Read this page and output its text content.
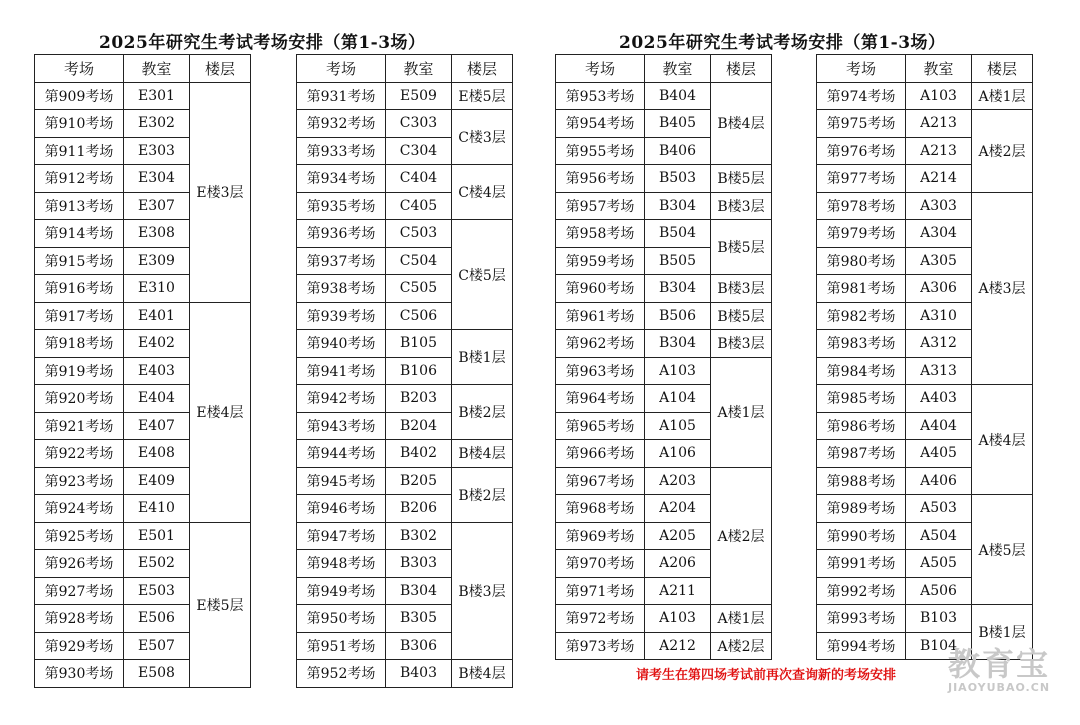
2025年研究生考试考场安排（第1-3场）	2025年研究生考试考场安排（第1-3场）
考场	教室	楼层
第909考场	E301	E楼3层
第910考场	E302	
第911考场	E303	
第912考场	E304	
第913考场	E307	
第914考场	E308	
第915考场	E309	
第916考场	E310	
第917考场	E401	E楼4层
第918考场	E402	
第919考场	E403	
第920考场	E404	
第921考场	E407	
第922考场	E408	
第923考场	E409	
第924考场	E410	
第925考场	E501	E楼5层
第926考场	E502	
第927考场	E503	
第928考场	E506	
第929考场	E507	
第930考场	E508	
考场	教室	楼层
第931考场	E509	E楼5层
第932考场	C303	C楼3层
第933考场	C304	
第934考场	C404	C楼4层
第935考场	C405	
第936考场	C503	C楼5层
第937考场	C504	
第938考场	C505	
第939考场	C506	
第940考场	B105	B楼1层
第941考场	B106	
第942考场	B203	B楼2层
第943考场	B204	
第944考场	B402	B楼4层
第945考场	B205	B楼2层
第946考场	B206	
第947考场	B302	B楼3层
第948考场	B303	
第949考场	B304	
第950考场	B305	
第951考场	B306	
第952考场	B403	B楼4层
考场	教室	楼层
第953考场	B404	B楼4层
第954考场	B405	
第955考场	B406	
第956考场	B503	B楼5层
第957考场	B304	B楼3层
第958考场	B504	B楼5层
第959考场	B505	
第960考场	B304	B楼3层
第961考场	B506	B楼5层
第962考场	B304	B楼3层
第963考场	A103	A楼1层
第964考场	A104	
第965考场	A105	
第966考场	A106	
第967考场	A203	A楼2层
第968考场	A204	
第969考场	A205	
第970考场	A206	
第971考场	A211	
第972考场	A103	A楼1层
第973考场	A212	A楼2层
考场	教室	楼层
第974考场	A103	A楼1层
第975考场	A213	A楼2层
第976考场	A213	
第977考场	A214	
第978考场	A303	A楼3层
第979考场	A304	
第980考场	A305	
第981考场	A306	
第982考场	A310	
第983考场	A312	
第984考场	A313	
第985考场	A403	A楼4层
第986考场	A404	
第987考场	A405	
第988考场	A406	
第989考场	A503	A楼5层
第990考场	A504	
第991考场	A505	
第992考场	A506	
第993考场	B103	B楼1层
第994考场	B104	
请考生在第四场考试前再次查询新的考场安排 教育宝
JIAOYUBAO.CN
